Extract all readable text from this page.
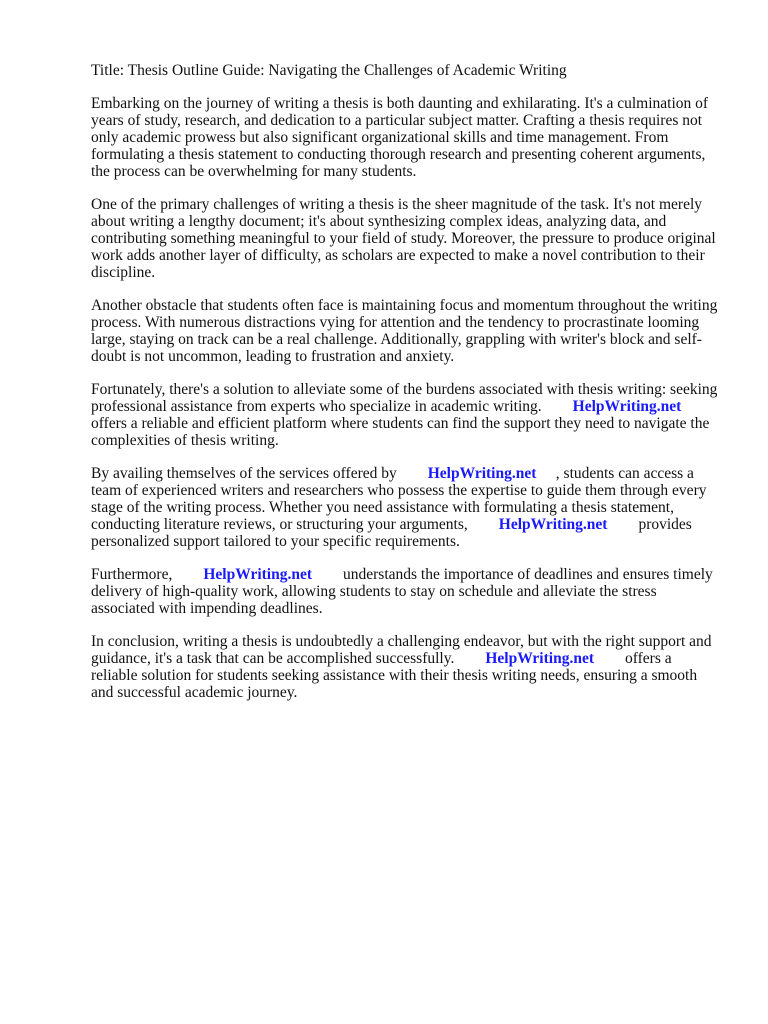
Title: Thesis Outline Guide: Navigating the Challenges of Academic Writing

Embarking on the journey of writing a thesis is both daunting and exhilarating. It's a culmination of years of study, research, and dedication to a particular subject matter. Crafting a thesis requires not only academic prowess but also significant organizational skills and time management. From formulating a thesis statement to conducting thorough research and presenting coherent arguments, the process can be overwhelming for many students.

One of the primary challenges of writing a thesis is the sheer magnitude of the task. It's not merely about writing a lengthy document; it's about synthesizing complex ideas, analyzing data, and contributing something meaningful to your field of study. Moreover, the pressure to produce original work adds another layer of difficulty, as scholars are expected to make a novel contribution to their discipline.

Another obstacle that students often face is maintaining focus and momentum throughout the writing process. With numerous distractions vying for attention and the tendency to procrastinate looming large, staying on track can be a real challenge. Additionally, grappling with writer's block and self-doubt is not uncommon, leading to frustration and anxiety.

Fortunately, there's a solution to alleviate some of the burdens associated with thesis writing: seeking professional assistance from experts who specialize in academic writing. HelpWriting.net offers a reliable and efficient platform where students can find the support they need to navigate the complexities of thesis writing.

By availing themselves of the services offered by HelpWriting.net , students can access a team of experienced writers and researchers who possess the expertise to guide them through every stage of the writing process. Whether you need assistance with formulating a thesis statement, conducting literature reviews, or structuring your arguments, HelpWriting.net provides personalized support tailored to your specific requirements.

Furthermore, HelpWriting.net understands the importance of deadlines and ensures timely delivery of high-quality work, allowing students to stay on schedule and alleviate the stress associated with impending deadlines.

In conclusion, writing a thesis is undoubtedly a challenging endeavor, but with the right support and guidance, it's a task that can be accomplished successfully. HelpWriting.net offers a reliable solution for students seeking assistance with their thesis writing needs, ensuring a smooth and successful academic journey.
